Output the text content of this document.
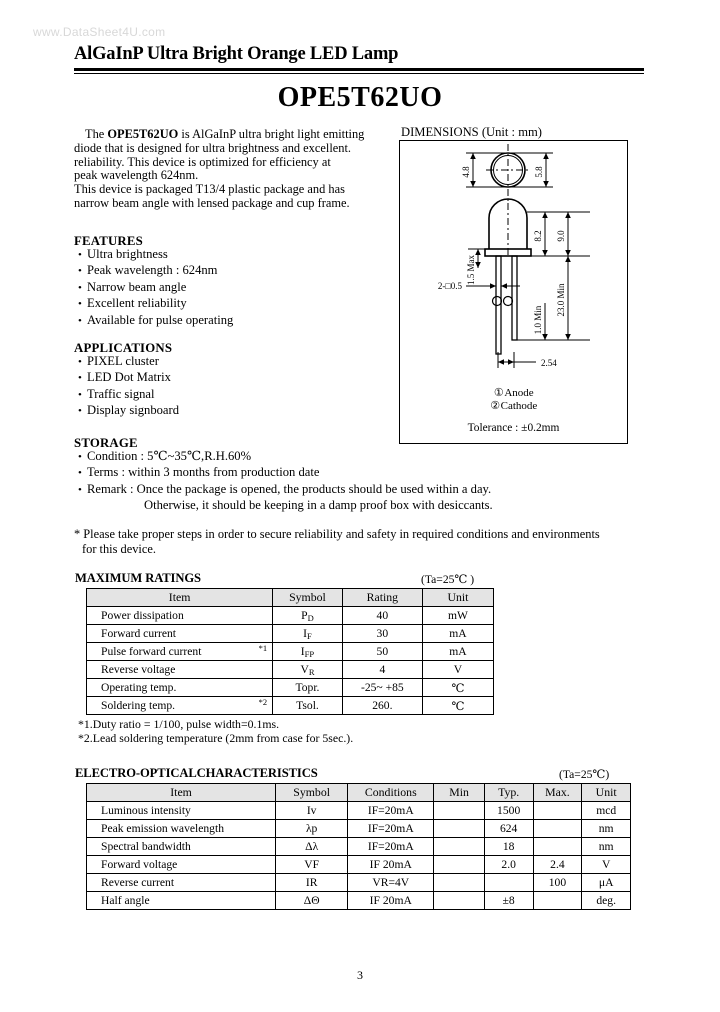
www.DataSheet4U.com
AlGaInP Ultra Bright Orange LED Lamp
OPE5T62UO

The OPE5T62UO is AlGaInP ultra bright light emitting

diode that is designed for ultra brightness and excellent.

reliability. This device is optimized for efficiency at

peak wavelength 624nm.

This device is packaged T13/4 plastic package and has

narrow beam angle with lensed package and cup frame.

FEATURES
• Ultra brightness
• Peak wavelength : 624nm
• Narrow beam angle
• Excellent reliability
• Available for pulse operating
APPLICATIONS
• PIXEL cluster
• LED Dot Matrix
• Traffic signal
• Display signboard
STORAGE
• Condition : 5℃~35℃,R.H.60%
• Terms : within 3 months from production date
• Remark : Once the package is opened, the products should be used within a day.
Otherwise, it should be keeping in a damp proof box with desiccants.
* Please take proper steps in order to secure reliability and safety in required conditions and environments
for this device.
DIMENSIONS (Unit : mm)
4.8	5.8
8.2 9.0
23.0 Min
1.5 Max
1.0 Min
2-□0.5
2.54
①Anode
②Cathode
Tolerance : ±0.2mm
MAXIMUM RATINGS	(Ta=25℃ )
Item	Symbol	Rating	Unit
Power dissipation	$P_D$	40	mW
Forward current	$I_F$	30	mA
Pulse forward current *1	$I_{FP}$	50	mA
Reverse voltage	$V_R$	4	V
Operating temp.	Topr.	-25~ +85	℃
Soldering temp. *2	Tsol.	260.	℃
*1.Duty ratio = 1/100, pulse width=0.1ms.
*2.Lead soldering temperature (2mm from case for 5sec.).
ELECTRO-OPTICALCHARACTERISTICS	(Ta=25℃)
Item	Symbol	Conditions	Min	Typ.	Max.	Unit
Luminous intensity	Iv	IF=20mA		1500		mcd
Peak emission wavelength	λp	IF=20mA		624		nm
Spectral bandwidth	Δλ	IF=20mA		18		nm
Forward voltage	VF	IF 20mA		2.0	2.4	V
Reverse current	IR	VR=4V			100	μA
Half angle	ΔΘ	IF 20mA		±8		deg.
3
